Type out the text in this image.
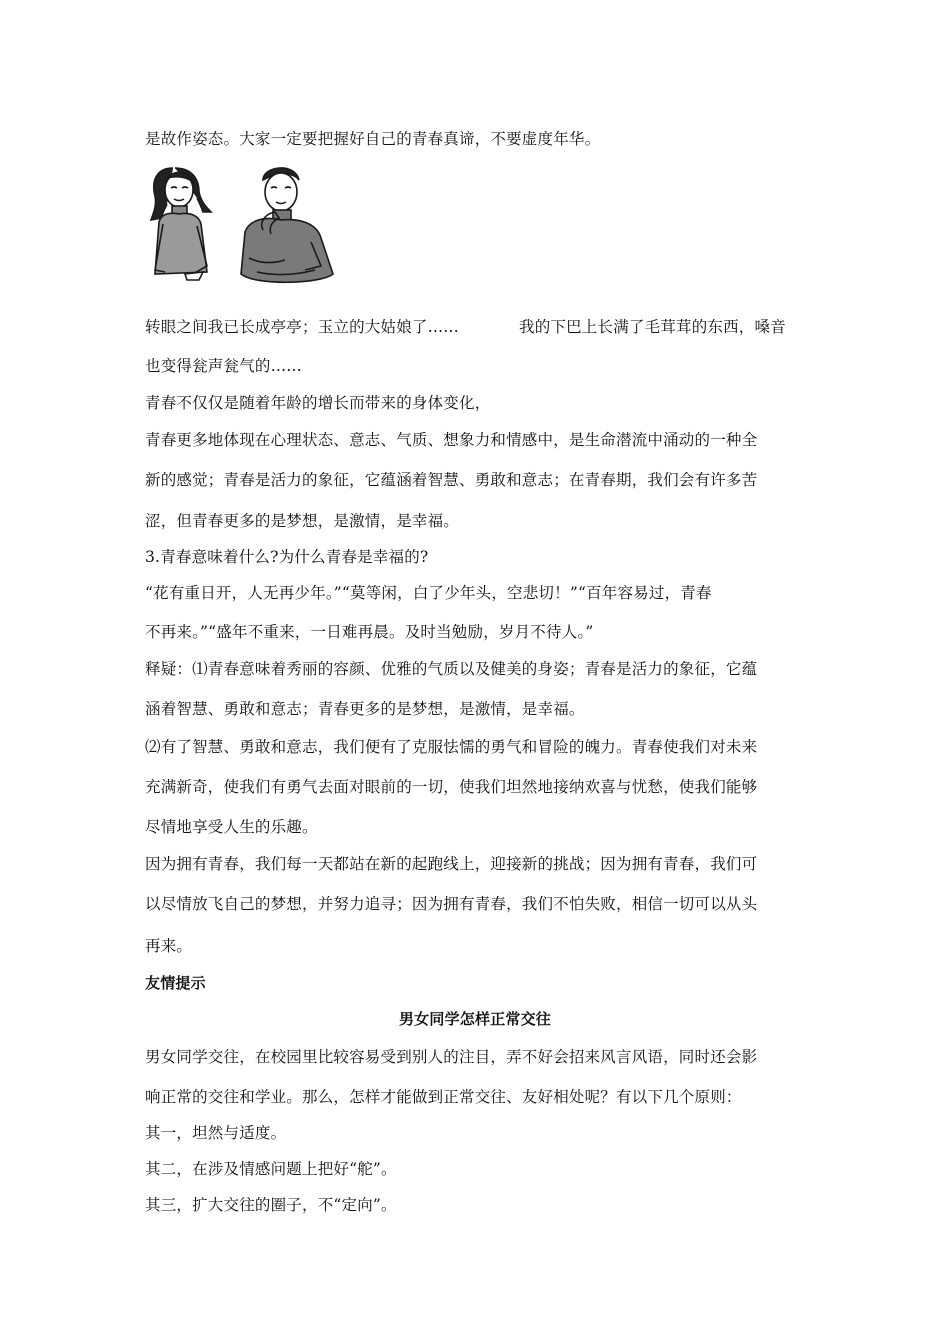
是故作姿态。大家一定要把握好自己的青春真谛，不要虚度年华。
转眼之间我已长成亭亭；玉立的大姑娘了……	我的下巴上长满了毛茸茸的东西，嗓音
也变得瓮声瓮气的……
青春不仅仅是随着年龄的增长而带来的身体变化，
青春更多地体现在心理状态、意志、气质、想象力和情感中，是生命潜流中涌动的一种全
新的感觉；青春是活力的象征，它蕴涵着智慧、勇敢和意志；在青春期，我们会有许多苦
涩，但青春更多的是梦想，是激情，是幸福。
3.青春意味着什么?为什么青春是幸福的?
“花有重日开，人无再少年。”“莫等闲，白了少年头，空悲切！”“百年容易过，青春
不再来。”“盛年不重来，一日难再晨。及时当勉励，岁月不待人。”
释疑：⑴青春意味着秀丽的容颜、优雅的气质以及健美的身姿；青春是活力的象征，它蕴
涵着智慧、勇敢和意志；青春更多的是梦想，是激情，是幸福。
⑵有了智慧、勇敢和意志，我们便有了克服怯懦的勇气和冒险的魄力。青春使我们对未来
充满新奇，使我们有勇气去面对眼前的一切，使我们坦然地接纳欢喜与忧愁，使我们能够
尽情地享受人生的乐趣。
因为拥有青春，我们每一天都站在新的起跑线上，迎接新的挑战；因为拥有青春，我们可
以尽情放飞自己的梦想，并努力追寻；因为拥有青春，我们不怕失败，相信一切可以从头
再来。
友情提示
男女同学怎样正常交往
男女同学交往，在校园里比较容易受到别人的注目，弄不好会招来风言风语，同时还会影
响正常的交往和学业。那么，怎样才能做到正常交往、友好相处呢？有以下几个原则：
其一，坦然与适度。
其二，在涉及情感问题上把好“舵”。
其三，扩大交往的圈子，不“定向”。
